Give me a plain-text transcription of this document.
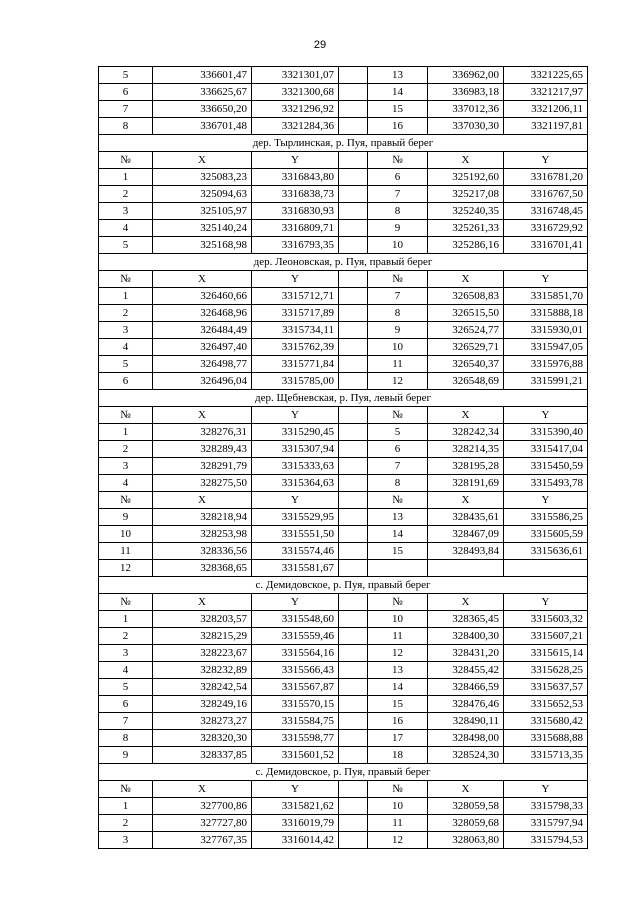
29
5	336601,47	3321301,07		13	336962,00	3321225,65
6	336625,67	3321300,68		14	336983,18	3321217,97
7	336650,20	3321296,92		15	337012,36	3321206,11
8	336701,48	3321284,36		16	337030,30	3321197,81
дер. Тырлинская, р. Пуя, правый берег						
№	X	Y		№	X	Y
1	325083,23	3316843,80		6	325192,60	3316781,20
2	325094,63	3316838,73		7	325217,08	3316767,50
3	325105,97	3316830,93		8	325240,35	3316748,45
4	325140,24	3316809,71		9	325261,33	3316729,92
5	325168,98	3316793,35		10	325286,16	3316701,41
дер. Леоновская, р. Пуя, правый берег						
№	X	Y		№	X	Y
1	326460,66	3315712,71		7	326508,83	3315851,70
2	326468,96	3315717,89		8	326515,50	3315888,18
3	326484,49	3315734,11		9	326524,77	3315930,01
4	326497,40	3315762,39		10	326529,71	3315947,05
5	326498,77	3315771,84		11	326540,37	3315976,88
6	326496,04	3315785,00		12	326548,69	3315991,21
дер. Щебневская, р. Пуя, левый берег						
№	X	Y		№	X	Y
1	328276,31	3315290,45		5	328242,34	3315390,40
2	328289,43	3315307,94		6	328214,35	3315417,04
3	328291,79	3315333,63		7	328195,28	3315450,59
4	328275,50	3315364,63		8	328191,69	3315493,78
№	X	Y		№	X	Y
9	328218,94	3315529,95		13	328435,61	3315586,25
10	328253,98	3315551,50		14	328467,09	3315605,59
11	328336,56	3315574,46		15	328493,84	3315636,61
12	328368,65	3315581,67				
с. Демидовское, р. Пуя, правый берег						
№	X	Y		№	X	Y
1	328203,57	3315548,60		10	328365,45	3315603,32
2	328215,29	3315559,46		11	328400,30	3315607,21
3	328223,67	3315564,16		12	328431,20	3315615,14
4	328232,89	3315566,43		13	328455,42	3315628,25
5	328242,54	3315567,87		14	328466,59	3315637,57
6	328249,16	3315570,15		15	328476,46	3315652,53
7	328273,27	3315584,75		16	328490,11	3315680,42
8	328320,30	3315598,77		17	328498,00	3315688,88
9	328337,85	3315601,52		18	328524,30	3315713,35
с. Демидовское, р. Пуя, правый берег						
№	X	Y		№	X	Y
1	327700,86	3315821,62		10	328059,58	3315798,33
2	327727,80	3316019,79		11	328059,68	3315797,94
3	327767,35	3316014,42		12	328063,80	3315794,53
